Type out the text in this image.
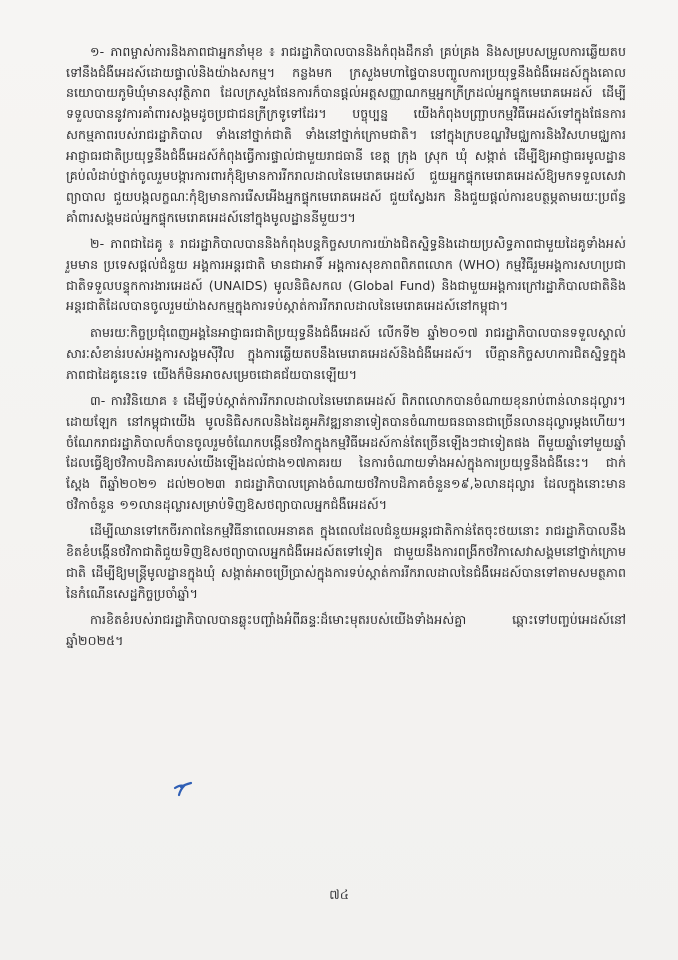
១- ភាពម្ចាស់ការនិងភាពជាអ្នកនាំមុខ ៖ រាជរដ្ឋាភិបាលបាននិងកំពុងដឹកនាំ គ្រប់គ្រង និងសម្របសម្រួលការឆ្លើយតបទៅនឹងជំងឺអេដស៍ដោយផ្ទាល់និងយ៉ាងសកម្ម។ កន្លងមក ក្រសួងមហាផ្ទៃបានបញ្ចូលការប្រយុទ្ធនឹងជំងឺអេដស៍ក្នុងគោលនយោបាយភូមិឃុំមានសុវត្ថិភាព ដែលក្រសួងផែនការក៏បានផ្តល់អត្តសញ្ញាណកម្មអ្នកក្រីក្រដល់អ្នកផ្ទុកមេរោគអេដស៍ ដើម្បីទទួលបាននូវការគាំពារសង្គមដូចប្រជាជនក្រីក្រទូទៅដែរ។ បច្ចុប្បន្ន យើងកំពុងបញ្ជ្រាបកម្មវិធីអេដស៍ទៅក្នុងផែនការសកម្មភាពរបស់រាជរដ្ឋាភិបាល ទាំងនៅថ្នាក់ជាតិ ទាំងនៅថ្នាក់ក្រោមជាតិ។ នៅក្នុងក្របខណ្ឌវិមជ្ឈការនិងវិសហមជ្ឈការ អាជ្ញាធរជាតិប្រយុទ្ធនឹងជំងឺអេដស៍កំពុងធ្វើការផ្ទាល់ជាមួយរាជធានី ខេត្ត ក្រុង ស្រុក ឃុំ សង្កាត់ ដើម្បីឱ្យអាជ្ញាធរមូលដ្ឋានគ្រប់លំដាប់ថ្នាក់ចូលរួមបង្ការការពារកុំឱ្យមានការរីករាលដាលនៃមេរោគអេដស៍ ជួយអ្នកផ្ទុកមេរោគអេដស៍ឱ្យមកទទួលសេវាព្យាបាល ជួយបង្កលក្ខណៈកុំឱ្យមានការរើសអើងអ្នកផ្ទុកមេរោគអេដស៍ ជួយស្វែងរក និងជួយផ្តល់ការឧបត្ថម្ភតាមរយៈប្រព័ន្ធគាំពារសង្គមដល់អ្នកផ្ទុកមេរោគអេដស៍នៅក្នុងមូលដ្ឋាននីមួយៗ។

២- ភាពជាដៃគូ ៖ រាជរដ្ឋាភិបាលបាននិងកំពុងបន្តកិច្ចសហការយ៉ាងជិតស្និទ្ធនិងដោយប្រសិទ្ធភាពជាមួយដៃគូទាំងអស់រួមមាន ប្រទេសផ្តល់ជំនួយ អង្គការអន្តរជាតិ មានជាអាទិ៍ អង្គការសុខភាពពិភពលោក (WHO) កម្មវិធីរួមអង្គការសហប្រជាជាតិទទួលបន្ទុកការងារអេដស៍ (UNAIDS) មូលនិធិសកល (Global Fund) និងជាមួយអង្គការក្រៅរដ្ឋាភិបាលជាតិនិងអន្តរជាតិដែលបានចូលរួមយ៉ាងសកម្មក្នុងការទប់ស្កាត់ការរីករាលដាលនៃមេរោគអេដស៍នៅកម្ពុជា។

តាមរយៈកិច្ចប្រជុំពេញអង្គនៃអាជ្ញាធរជាតិប្រយុទ្ធនឹងជំងឺអេដស៍ លើកទី២ ឆ្នាំ២០១៧ រាជរដ្ឋាភិបាលបានទទួលស្គាល់សារៈសំខាន់របស់អង្គការសង្គមស៊ីវិល ក្នុងការឆ្លើយតបនឹងមេរោគអេដស៍និងជំងឺអេដស៍។ បើគ្មានកិច្ចសហការជិតស្និទ្ធក្នុងភាពជាដៃគូនេះទេ យើងក៏មិនអាចសម្រេចជោគជ័យបានឡើយ។

៣- ការវិនិយោគ ៖ ដើម្បីទប់ស្កាត់ការរីករាលដាលនៃមេរោគអេដស៍ ពិភពលោកបានចំណាយខុនរាប់ពាន់លានដុល្លារ។ ដោយឡែក នៅកម្ពុជាយើង មូលនិធិសកលនិងដៃគូអភិវឌ្ឍនានាទៀតបានចំណាយធនធានជាច្រើនលានដុល្លារម្តងហើយ។ ចំណែករាជរដ្ឋាភិបាលក៏បានចូលរួមចំណែកបង្កើនថវិកាក្នុងកម្មវិធីអេដស៍កាន់តែច្រើនឡើងៗជាទៀតផង ពីមួយឆ្នាំទៅមួយឆ្នាំ ដែលធ្វើឱ្យថវិកាបដិភាគរបស់យើងឡើងដល់ជាង១៧ភាគរយ នៃការចំណាយទាំងអស់ក្នុងការប្រយុទ្ធនឹងជំងឺនេះ។ ជាក់ស្តែង ពីឆ្នាំ២០២១ ដល់២០២៣ រាជរដ្ឋាភិបាលគ្រោងចំណាយថវិកាបដិភាគចំនួន១៩,៦លានដុល្លារ ដែលក្នុងនោះមានថវិកាចំនួន ១១លានដុល្លារសម្រាប់ទិញឱសថព្យាបាលអ្នកជំងឺអេដស៍។

ដើម្បីឈានទៅកេចីរភាពនៃកម្មវិធីនាពេលអនាគត ក្នុងពេលដែលជំនួយអន្តរជាតិកាន់តែចុះថយនោះ រាជរដ្ឋាភិបាលនឹងខិតខំបង្កើនថវិកាជាតិជួយទិញឱសថព្យាបាលអ្នកជំងឺអេដស៍តទៅទៀត ជាមួយនឹងការពង្រីកថវិកាសេវាសង្គមនៅថ្នាក់ក្រោមជាតិ ដើម្បីឱ្យមន្ត្រីមូលដ្ឋានក្នុងឃុំ សង្កាត់អាចប្រើប្រាស់ក្នុងការទប់ស្កាត់ការរីករាលដាលនៃជំងឺអេដស៍បានទៅតាមសមត្ថភាពនៃកំណើនសេដ្ឋកិច្ចប្រចាំឆ្នាំ។

ការខិតខំរបស់រាជរដ្ឋាភិបាលបានឆ្លុះបញ្ចាំងអំពីឆន្ទៈដ៏មោះមុតរបស់យើងទាំងអស់គ្នា ឆ្ពោះទៅបញ្ចប់អេដស៍នៅឆ្នាំ២០២៥។

៧៤
